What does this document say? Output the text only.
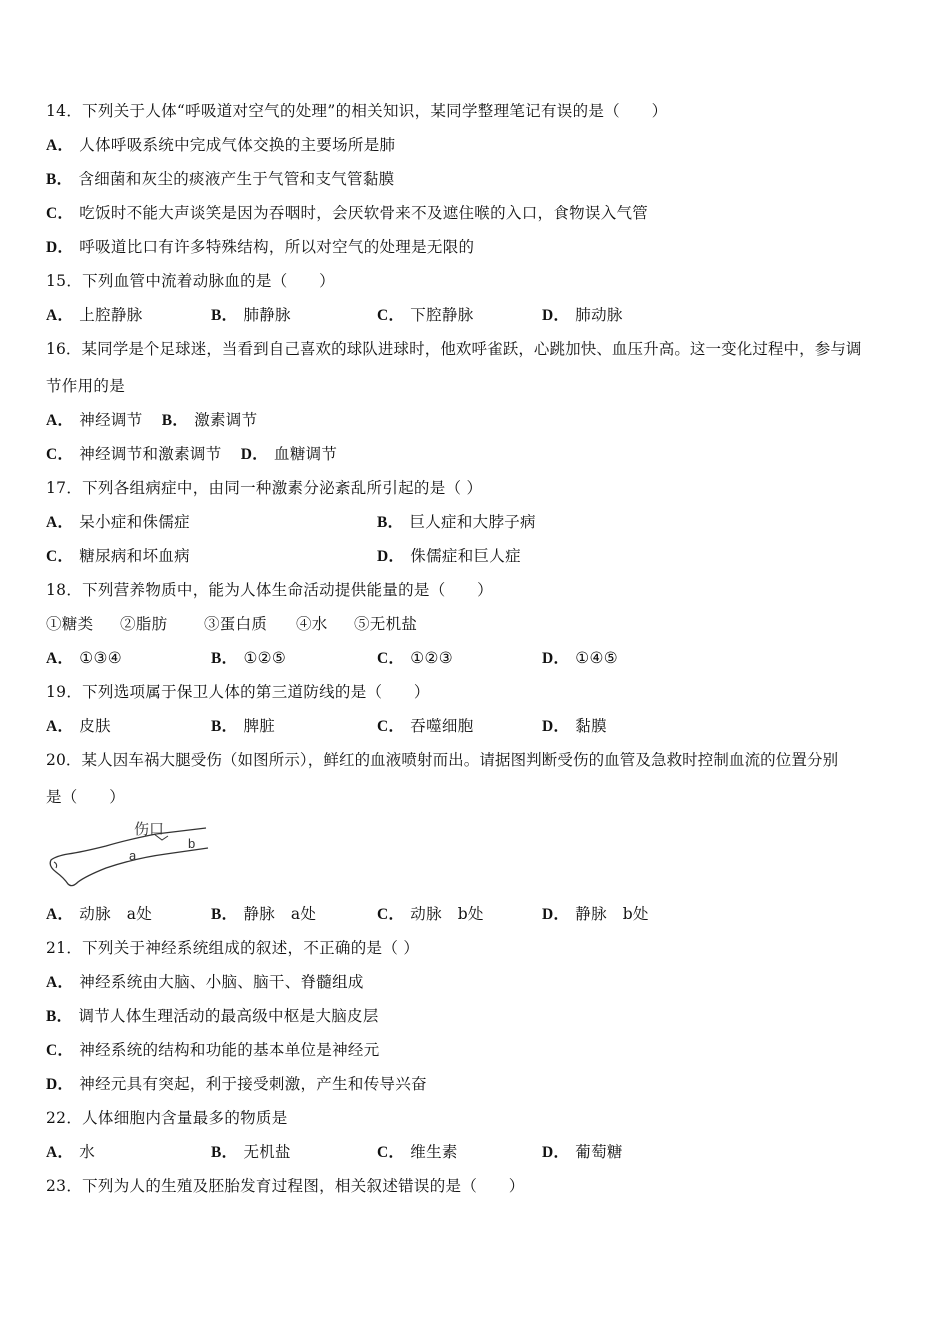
14．下列关于人体“呼吸道对空气的处理”的相关知识，某同学整理笔记有误的是（　　）
A． 人体呼吸系统中完成气体交换的主要场所是肺
B． 含细菌和灰尘的痰液产生于气管和支气管黏膜
C． 吃饭时不能大声谈笑是因为吞咽时，会厌软骨来不及遮住喉的入口，食物误入气管
D． 呼吸道比口有许多特殊结构，所以对空气的处理是无限的
15．下列血管中流着动脉血的是（　　）
A． 上腔静脉	B． 肺静脉	C． 下腔静脉	D． 肺动脉
16．某同学是个足球迷，当看到自己喜欢的球队进球时，他欢呼雀跃，心跳加快、血压升高。这一变化过程中，参与调
节作用的是
A． 神经调节 B． 激素调节
C． 神经调节和激素调节 D． 血糖调节
17．下列各组病症中，由同一种激素分泌紊乱所引起的是（ ）
A． 呆小症和侏儒症	B． 巨人症和大脖子病
C． 糖尿病和坏血病	D． 侏儒症和巨人症
18．下列营养物质中，能为人体生命活动提供能量的是（　　）
①糖类 ②脂肪 ③蛋白质 ④水 ⑤无机盐
A． ①③④	B． ①②⑤	C． ①②③	D． ①④⑤
19．下列选项属于保卫人体的第三道防线的是（　　）
A． 皮肤	B． 脾脏	C． 吞噬细胞	D． 黏膜
20．某人因车祸大腿受伤（如图所示），鲜红的血液喷射而出。请据图判断受伤的血管及急救时控制血流的位置分别
是（　　）
伤口
a
b
A． 动脉　a处	B． 静脉　a处	C． 动脉　b处	D． 静脉　b处
21．下列关于神经系统组成的叙述，不正确的是（ ）
A． 神经系统由大脑、小脑、脑干、脊髓组成
B． 调节人体生理活动的最高级中枢是大脑皮层
C． 神经系统的结构和功能的基本单位是神经元
D． 神经元具有突起，利于接受刺激，产生和传导兴奋
22．人体细胞内含量最多的物质是
A． 水	B． 无机盐	C． 维生素	D． 葡萄糖
23．下列为人的生殖及胚胎发育过程图，相关叙述错误的是（　　）
